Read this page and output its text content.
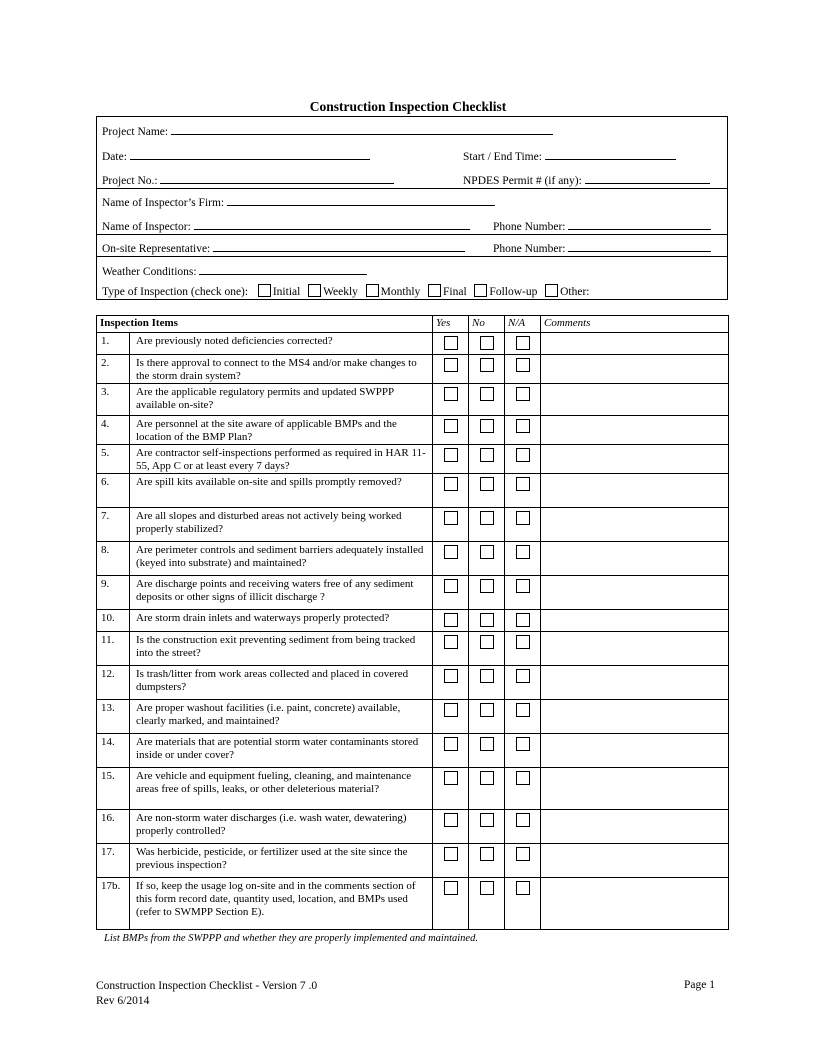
Construction Inspection Checklist
Project Name:
Date:	Start / End Time:
Project No.:	NPDES Permit # (if any):
Name of Inspector’s Firm:
Name of Inspector:	Phone Number:
On-site Representative:	Phone Number:
Weather Conditions:
Type of Inspection (check one): Initial Weekly Monthly Final Follow-up Other:
Inspection Items		Yes	No	N/A	Comments
1.	Are previously noted deficiencies corrected?				
2.	Is there approval to connect to the MS4 and/or make changes to the storm drain system?				
3.	Are the applicable regulatory permits and updated SWPPP available on-site?				
4.	Are personnel at the site aware of applicable BMPs and the location of the BMP Plan?				
5.	Are contractor self-inspections performed as required in HAR 11-55, App C or at least every 7 days?				
6.	Are spill kits available on-site and spills promptly removed?				
7.	Are all slopes and disturbed areas not actively being worked properly stabilized?				
8.	Are perimeter controls and sediment barriers adequately installed (keyed into substrate) and maintained?				
9.	Are discharge points and receiving waters free of any sediment deposits or other signs of illicit discharge ?				
10.	Are storm drain inlets and waterways properly protected?				
11.	Is the construction exit preventing sediment from being tracked into the street?				
12.	Is trash/litter from work areas collected and placed in covered dumpsters?				
13.	Are proper washout facilities (i.e. paint, concrete) available, clearly marked, and maintained?				
14.	Are materials that are potential storm water contaminants stored inside or under cover?				
15.	Are vehicle and equipment fueling, cleaning, and maintenance areas free of spills, leaks, or other deleterious material?				
16.	Are non-storm water discharges (i.e. wash water, dewatering) properly controlled?				
17.	Was herbicide, pesticide, or fertilizer used at the site since the previous inspection?				
17b.	If so, keep the usage log on-site and in the comments section of this form record date, quantity used, location, and BMPs used (refer to SWMPP Section E).				
List BMPs from the SWPPP and whether they are properly implemented and maintained.
Construction Inspection Checklist - Version 7 .0
Rev 6/2014
Page 1
